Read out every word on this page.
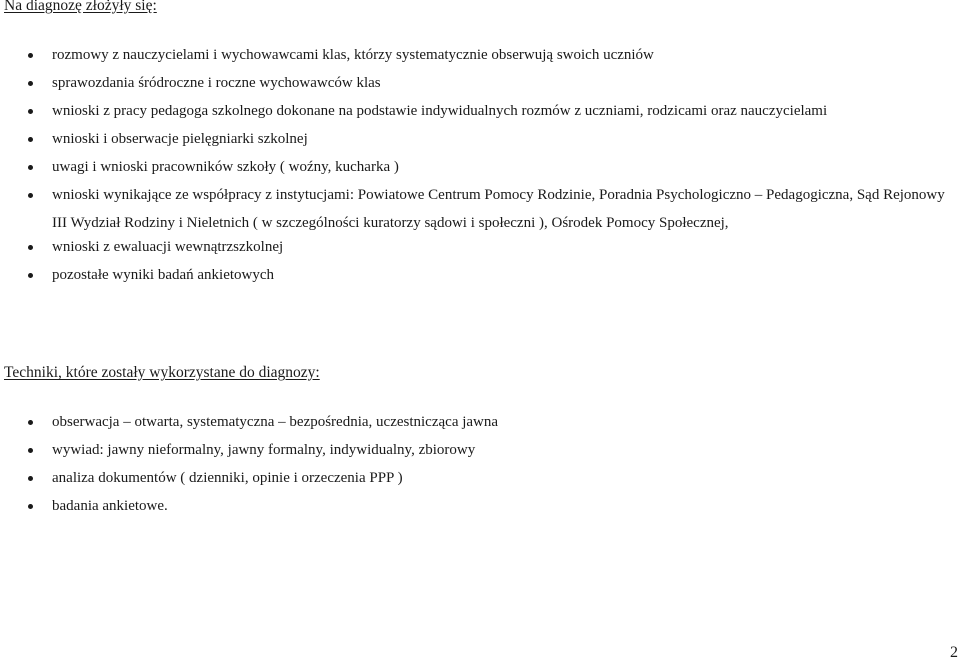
Na diagnozę złożyły się:
rozmowy z nauczycielami i wychowawcami klas, którzy systematycznie obserwują swoich uczniów
sprawozdania śródroczne i roczne wychowawców klas
wnioski z pracy pedagoga szkolnego dokonane na podstawie indywidualnych rozmów z uczniami, rodzicami oraz nauczycielami
wnioski i obserwacje pielęgniarki szkolnej
uwagi i wnioski pracowników szkoły ( woźny, kucharka )
wnioski wynikające ze współpracy z instytucjami: Powiatowe Centrum Pomocy Rodzinie, Poradnia Psychologiczno – Pedagogiczna, Sąd Rejonowy III Wydział Rodziny i Nieletnich ( w szczególności kuratorzy sądowi i społeczni ), Ośrodek Pomocy Społecznej,
wnioski z ewaluacji wewnątrzszkolnej
pozostałe wyniki badań ankietowych
Techniki, które zostały wykorzystane do diagnozy:
obserwacja – otwarta, systematyczna – bezpośrednia, uczestnicząca jawna
wywiad: jawny nieformalny, jawny formalny, indywidualny, zbiorowy
analiza dokumentów ( dzienniki, opinie i orzeczenia PPP )
badania ankietowe.
2
